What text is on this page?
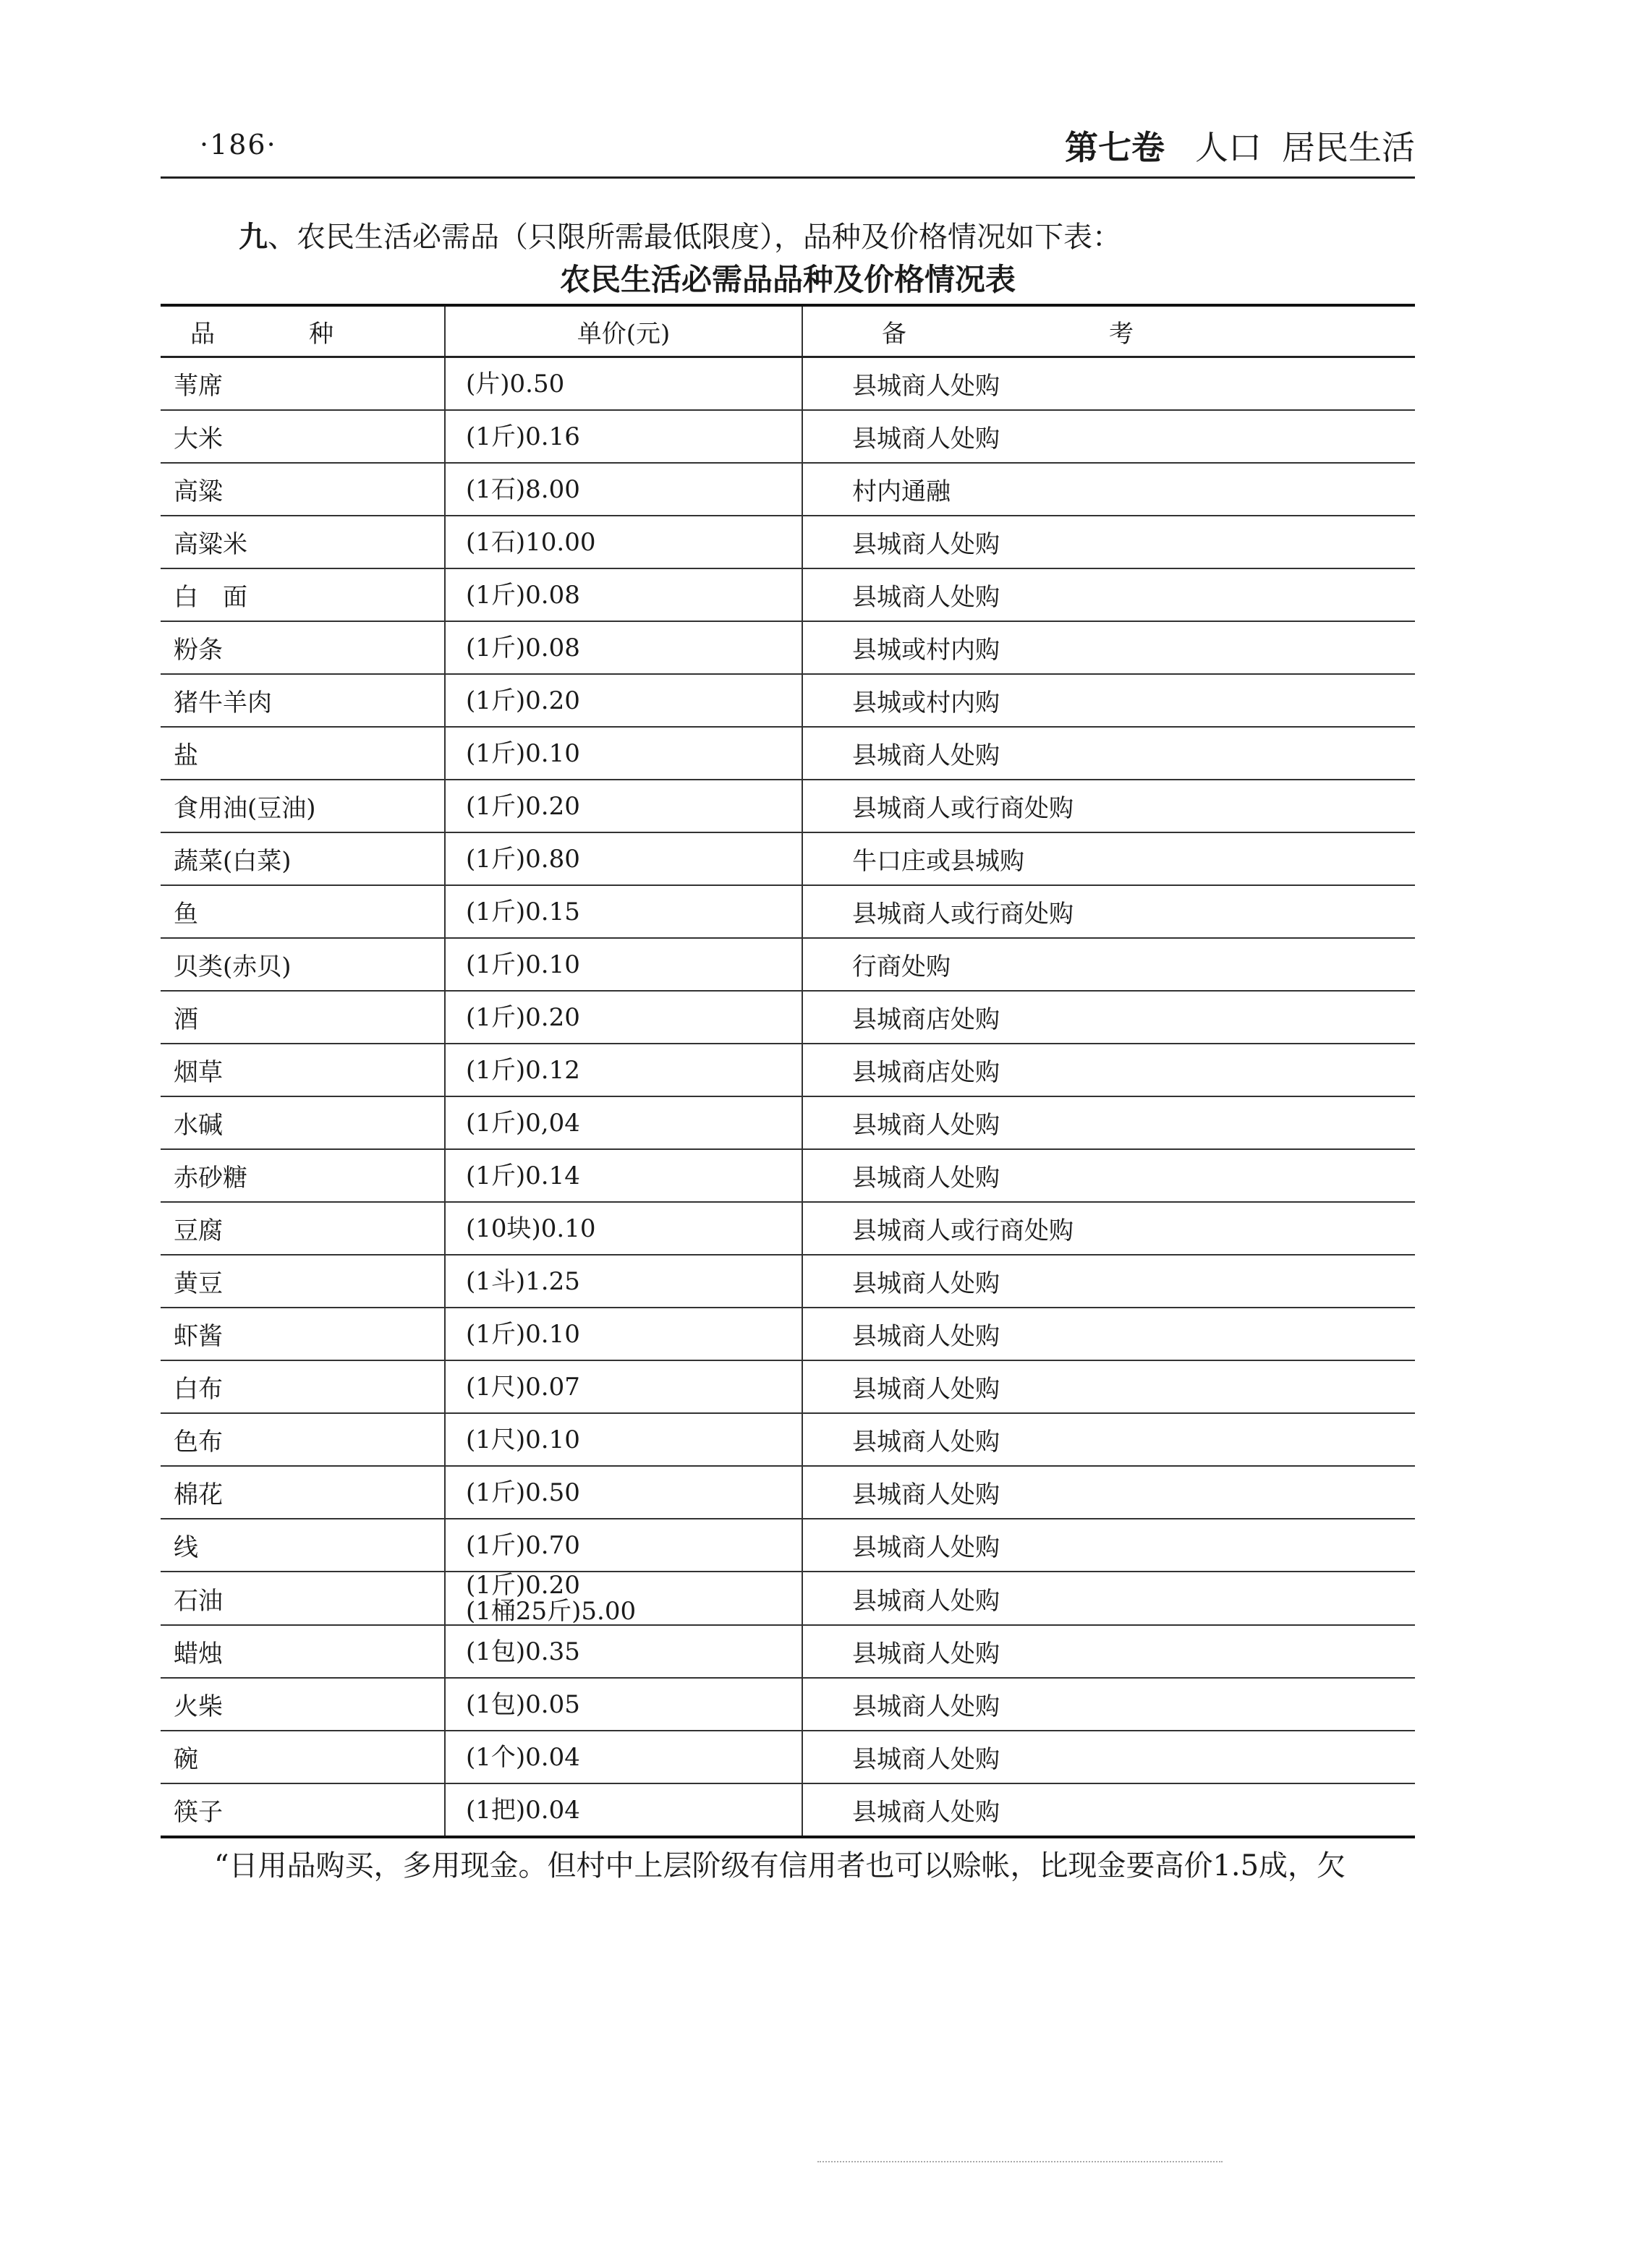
·186·	第七卷 人口 居民生活
九、农民生活必需品（只限所需最低限度），品种及价格情况如下表：
农民生活必需品品种及价格情况表
品种	单价(元)	备考
苇席	(片)0.50	县城商人处购
大米	(1斤)0.16	县城商人处购
高粱	(1石)8.00	村内通融
高粱米	(1石)10.00	县城商人处购
白　面	(1斤)0.08	县城商人处购
粉条	(1斤)0.08	县城或村内购
猪牛羊肉	(1斤)0.20	县城或村内购
盐	(1斤)0.10	县城商人处购
食用油(豆油)	(1斤)0.20	县城商人或行商处购
蔬菜(白菜)	(1斤)0.80	牛口庄或县城购
鱼	(1斤)0.15	县城商人或行商处购
贝类(赤贝)	(1斤)0.10	行商处购
酒	(1斤)0.20	县城商店处购
烟草	(1斤)0.12	县城商店处购
水碱	(1斤)0,04	县城商人处购
赤砂糖	(1斤)0.14	县城商人处购
豆腐	(10块)0.10	县城商人或行商处购
黄豆	(1斗)1.25	县城商人处购
虾酱	(1斤)0.10	县城商人处购
白布	(1尺)0.07	县城商人处购
色布	(1尺)0.10	县城商人处购
棉花	(1斤)0.50	县城商人处购
线	(1斤)0.70	县城商人处购
石油	(1斤)0.20
(1桶25斤)5.00	县城商人处购
蜡烛	(1包)0.35	县城商人处购
火柴	(1包)0.05	县城商人处购
碗	(1个)0.04	县城商人处购
筷子	(1把)0.04	县城商人处购
“日用品购买，多用现金。但村中上层阶级有信用者也可以赊帐，比现金要高价1.5成，欠
